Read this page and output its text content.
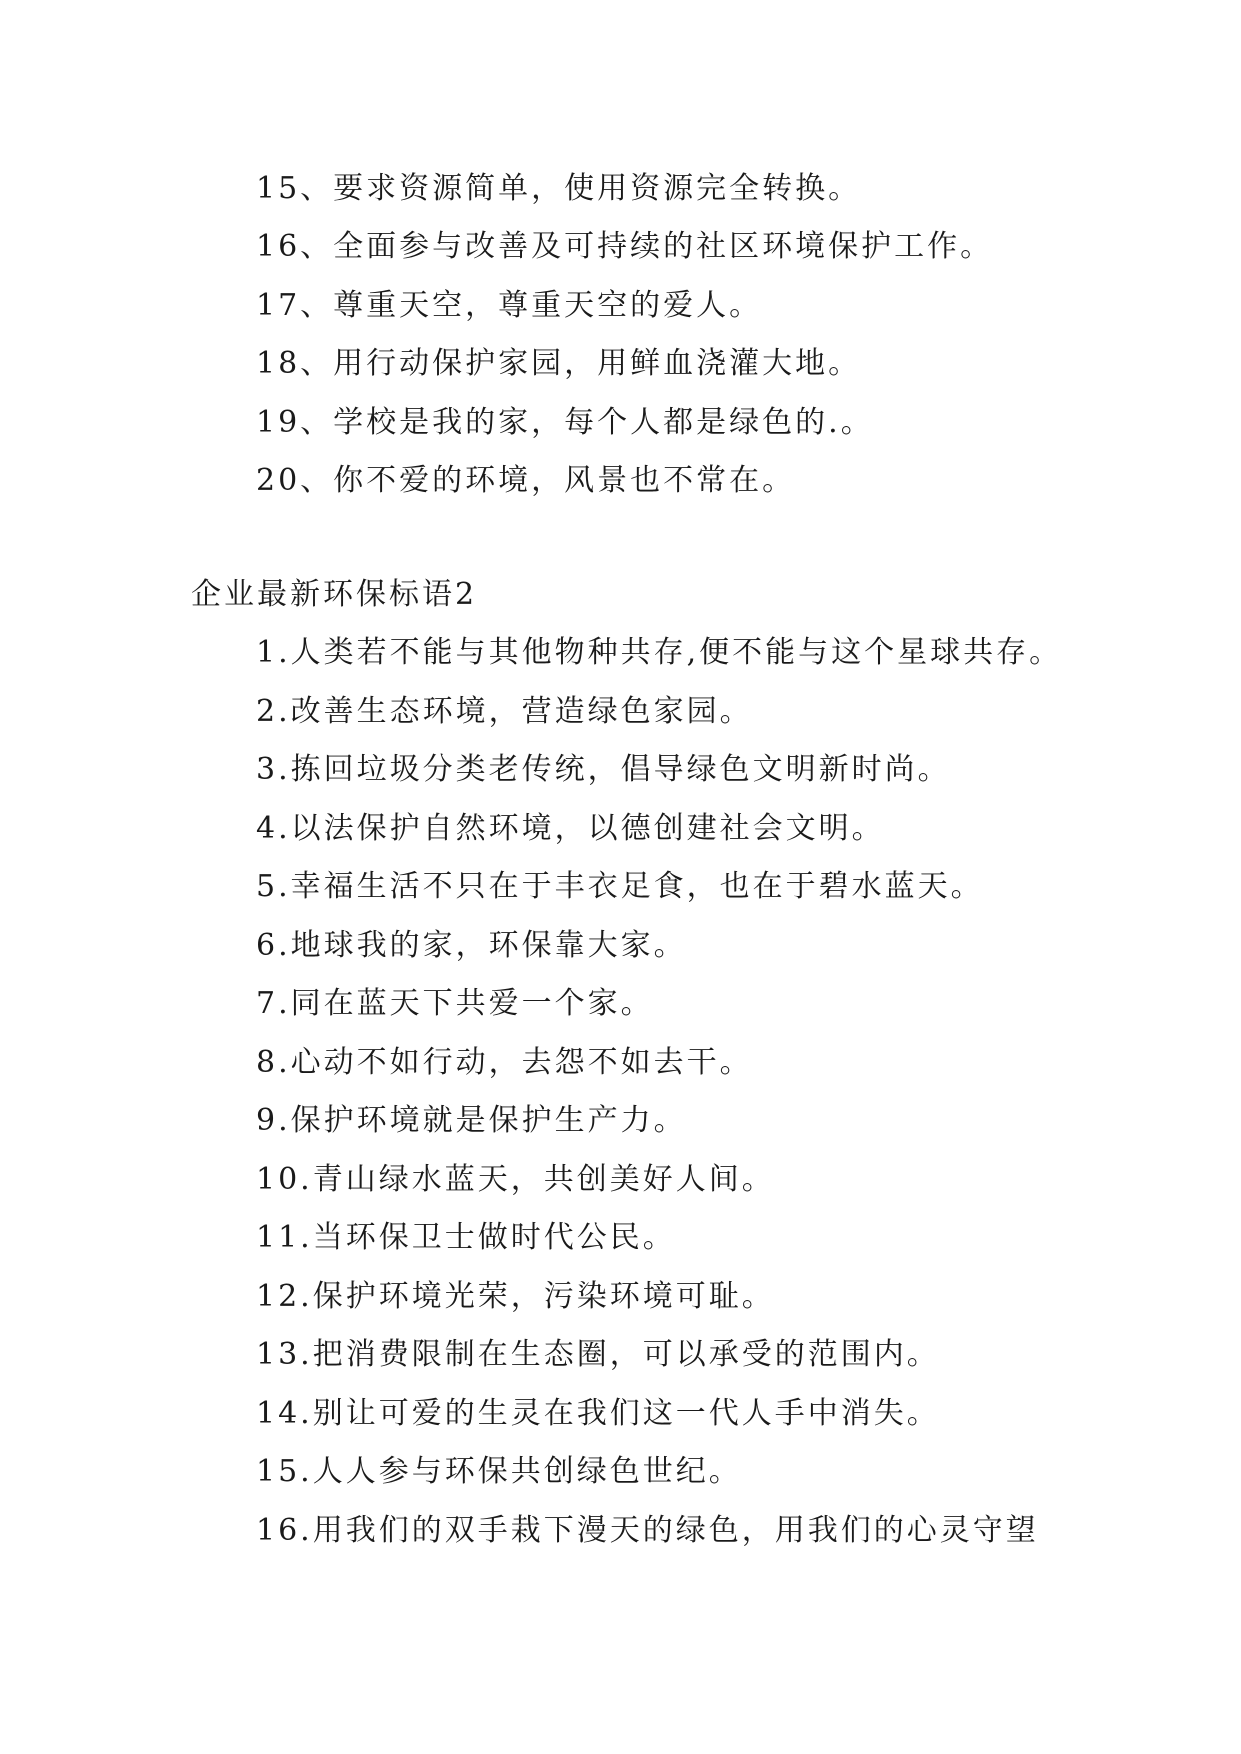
15、要求资源简单，使用资源完全转换。
16、全面参与改善及可持续的社区环境保护工作。
17、尊重天空，尊重天空的爱人。
18、用行动保护家园，用鲜血浇灌大地。
19、学校是我的家，每个人都是绿色的.。
20、你不爱的环境，风景也不常在。
企业最新环保标语2
1.人类若不能与其他物种共存,便不能与这个星球共存。
2.改善生态环境，营造绿色家园。
3.拣回垃圾分类老传统，倡导绿色文明新时尚。
4.以法保护自然环境，以德创建社会文明。
5.幸福生活不只在于丰衣足食，也在于碧水蓝天。
6.地球我的家，环保靠大家。
7.同在蓝天下共爱一个家。
8.心动不如行动，去怨不如去干。
9.保护环境就是保护生产力。
10.青山绿水蓝天，共创美好人间。
11.当环保卫士做时代公民。
12.保护环境光荣，污染环境可耻。
13.把消费限制在生态圈，可以承受的范围内。
14.别让可爱的生灵在我们这一代人手中消失。
15.人人参与环保共创绿色世纪。
16.用我们的双手栽下漫天的绿色，用我们的心灵守望
